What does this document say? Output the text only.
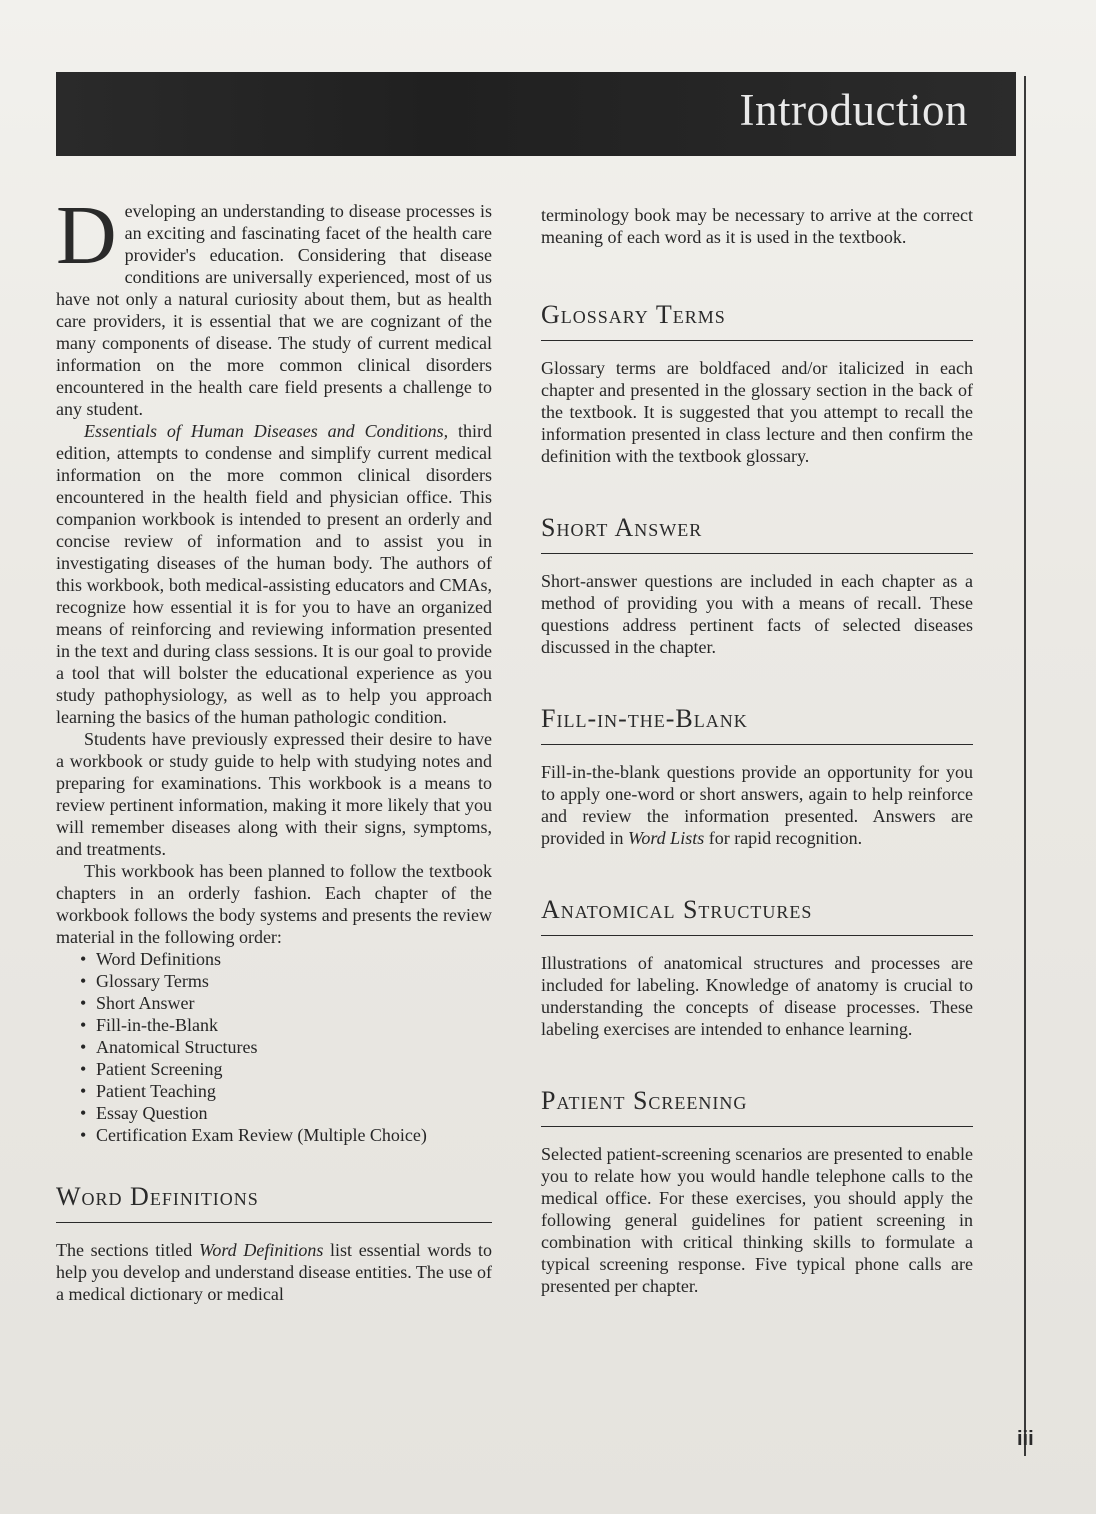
Introduction

Developing an understanding to disease processes is an exciting and fascinating facet of the health care provider's education. Considering that disease conditions are universally experienced, most of us have not only a natural curiosity about them, but as health care providers, it is essential that we are cognizant of the many components of disease. The study of current medical information on the more common clinical disorders encountered in the health care field presents a challenge to any student.

Essentials of Human Diseases and Conditions, third edition, attempts to condense and simplify current medical information on the more common clinical disorders encountered in the health field and physician office. This companion workbook is intended to present an orderly and concise review of information and to assist you in investigating diseases of the human body. The authors of this workbook, both medical-assisting educators and CMAs, recognize how essential it is for you to have an organized means of reinforcing and reviewing information presented in the text and during class sessions. It is our goal to provide a tool that will bolster the educational experience as you study pathophysiology, as well as to help you approach learning the basics of the human pathologic condition.

Students have previously expressed their desire to have a workbook or study guide to help with studying notes and preparing for examinations. This workbook is a means to review pertinent information, making it more likely that you will remember diseases along with their signs, symptoms, and treatments.

This workbook has been planned to follow the textbook chapters in an orderly fashion. Each chapter of the workbook follows the body systems and presents the review material in the following order:

• Word Definitions
• Glossary Terms
• Short Answer
• Fill-in-the-Blank
• Anatomical Structures
• Patient Screening
• Patient Teaching
• Essay Question
• Certification Exam Review (Multiple Choice)
Word Definitions

The sections titled Word Definitions list essential words to help you develop and understand disease entities. The use of a medical dictionary or medical

terminology book may be necessary to arrive at the correct meaning of each word as it is used in the textbook.

Glossary Terms

Glossary terms are boldfaced and/or italicized in each chapter and presented in the glossary section in the back of the textbook. It is suggested that you attempt to recall the information presented in class lecture and then confirm the definition with the textbook glossary.

Short Answer

Short-answer questions are included in each chapter as a method of providing you with a means of recall. These questions address pertinent facts of selected diseases discussed in the chapter.

Fill-in-the-Blank

Fill-in-the-blank questions provide an opportunity for you to apply one-word or short answers, again to help reinforce and review the information presented. Answers are provided in Word Lists for rapid recognition.

Anatomical Structures

Illustrations of anatomical structures and processes are included for labeling. Knowledge of anatomy is crucial to understanding the concepts of disease processes. These labeling exercises are intended to enhance learning.

Patient Screening

Selected patient-screening scenarios are presented to enable you to relate how you would handle telephone calls to the medical office. For these exercises, you should apply the following general guidelines for patient screening in combination with critical thinking skills to formulate a typical screening response. Five typical phone calls are presented per chapter.

iii
